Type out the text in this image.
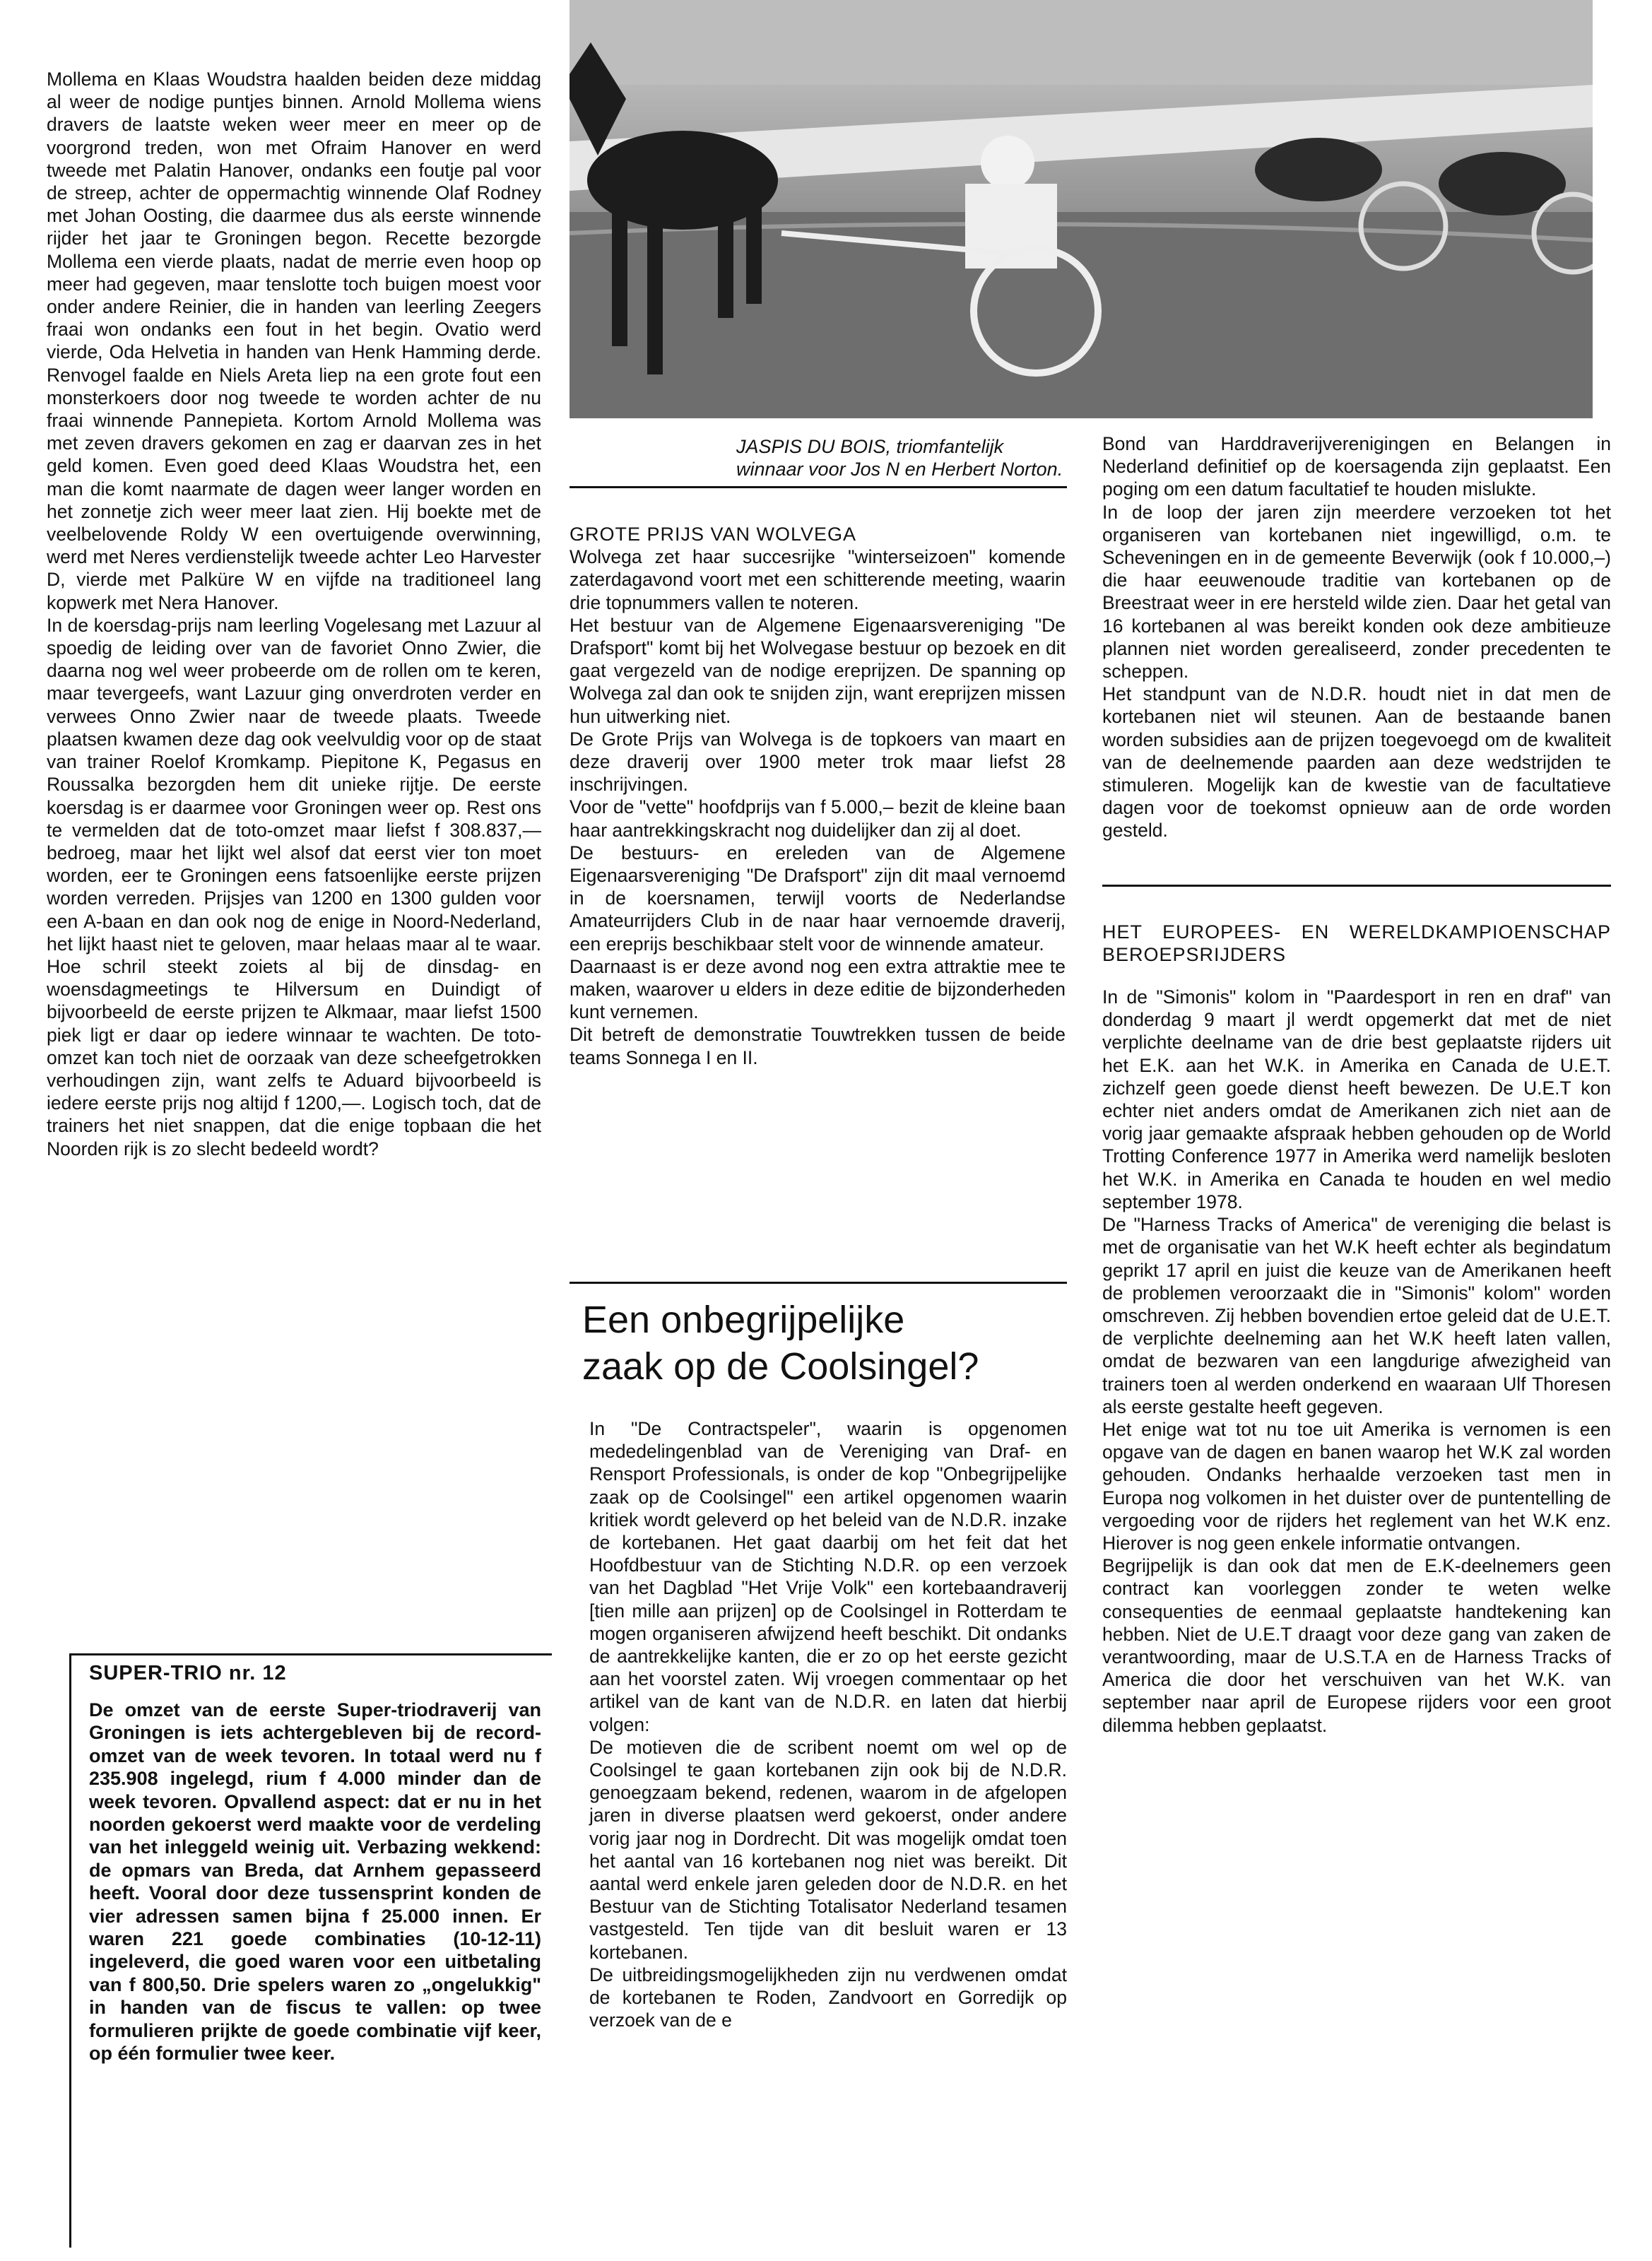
Mollema en Klaas Woudstra haalden beiden deze middag al weer de nodige puntjes binnen. Arnold Mollema wiens dravers de laatste weken weer meer en meer op de voorgrond treden, won met Ofraim Hanover en werd tweede met Palatin Hanover, ondanks een foutje pal voor de streep, achter de oppermachtig winnende Olaf Rodney met Johan Oosting, die daarmee dus als eerste winnende rijder het jaar te Groningen begon. Recette bezorgde Mollema een vierde plaats, nadat de merrie even hoop op meer had gegeven, maar tenslotte toch buigen moest voor onder andere Reinier, die in handen van leerling Zeegers fraai won ondanks een fout in het begin. Ovatio werd vierde, Oda Helvetia in handen van Henk Hamming derde. Renvogel faalde en Niels Areta liep na een grote fout een monsterkoers door nog tweede te worden achter de nu fraai winnende Pannepieta. Kortom Arnold Mollema was met zeven dravers gekomen en zag er daarvan zes in het geld komen. Even goed deed Klaas Woudstra het, een man die komt naarmate de dagen weer langer worden en het zonnetje zich weer meer laat zien. Hij boekte met de veelbelovende Roldy W een overtuigende overwinning, werd met Neres verdienstelijk tweede achter Leo Harvester D, vierde met Palküre W en vijfde na traditioneel lang kopwerk met Nera Hanover.

In de koersdag-prijs nam leerling Vogelesang met Lazuur al spoedig de leiding over van de favoriet Onno Zwier, die daarna nog wel weer probeerde om de rollen om te keren, maar tevergeefs, want Lazuur ging onverdroten verder en verwees Onno Zwier naar de tweede plaats. Tweede plaatsen kwamen deze dag ook veelvuldig voor op de staat van trainer Roelof Kromkamp. Piepitone K, Pegasus en Roussalka bezorgden hem dit unieke rijtje. De eerste koersdag is er daarmee voor Groningen weer op. Rest ons te vermelden dat de toto-omzet maar liefst f 308.837,— bedroeg, maar het lijkt wel alsof dat eerst vier ton moet worden, eer te Groningen eens fatsoenlijke eerste prijzen worden verreden. Prijsjes van 1200 en 1300 gulden voor een A-baan en dan ook nog de enige in Noord-Nederland, het lijkt haast niet te geloven, maar helaas maar al te waar. Hoe schril steekt zoiets al bij de dinsdag- en woensdagmeetings te Hilversum en Duindigt of bijvoorbeeld de eerste prijzen te Alkmaar, maar liefst 1500 piek ligt er daar op iedere winnaar te wachten. De toto-omzet kan toch niet de oorzaak van deze scheefgetrokken verhoudingen zijn, want zelfs te Aduard bijvoorbeeld is iedere eerste prijs nog altijd f 1200,—. Logisch toch, dat de trainers het niet snappen, dat die enige topbaan die het Noorden rijk is zo slecht bedeeld wordt?

SUPER-TRIO nr. 12
De omzet van de eerste Super-triodraverij van Groningen is iets achtergebleven bij de record-omzet van de week tevoren. In totaal werd nu f 235.908 ingelegd, rium f 4.000 minder dan de week tevoren. Opvallend aspect: dat er nu in het noorden gekoerst werd maakte voor de verdeling van het inleggeld weinig uit. Verbazing wekkend: de opmars van Breda, dat Arnhem gepasseerd heeft. Vooral door deze tussensprint konden de vier adressen samen bijna f 25.000 innen. Er waren 221 goede combinaties (10-12-11) ingeleverd, die goed waren voor een uitbetaling van f 800,50. Drie spelers waren zo „ongelukkig" in handen van de fiscus te vallen: op twee formulieren prijkte de goede combinatie vijf keer, op één formulier twee keer.
JASPIS DU BOIS, triomfantelijk winnaar voor Jos N en Herbert Norton.

GROTE PRIJS VAN WOLVEGA

Wolvega zet haar succesrijke "winterseizoen" komende zaterdagavond voort met een schitterende meeting, waarin drie topnummers vallen te noteren.

Het bestuur van de Algemene Eigenaarsvereniging "De Drafsport" komt bij het Wolvegase bestuur op bezoek en dit gaat vergezeld van de nodige ereprijzen. De spanning op Wolvega zal dan ook te snijden zijn, want ereprijzen missen hun uitwerking niet.

De Grote Prijs van Wolvega is de topkoers van maart en deze draverij over 1900 meter trok maar liefst 28 inschrijvingen.

Voor de "vette" hoofdprijs van f 5.000,– bezit de kleine baan haar aantrekkingskracht nog duidelijker dan zij al doet.

De bestuurs- en ereleden van de Algemene Eigenaarsvereniging "De Drafsport" zijn dit maal vernoemd in de koersnamen, terwijl voorts de Nederlandse Amateurrijders Club in de naar haar vernoemde draverij, een ereprijs beschikbaar stelt voor de winnende amateur.

Daarnaast is er deze avond nog een extra attraktie mee te maken, waarover u elders in deze editie de bijzonderheden kunt vernemen.

Dit betreft de demonstratie Touwtrekken tussen de beide teams Sonnega I en II.

Een onbegrijpelijke
zaak op de Coolsingel?

In "De Contractspeler", waarin is opgenomen mededelingenblad van de Vereniging van Draf- en Rensport Professionals, is onder de kop "Onbegrijpelijke zaak op de Coolsingel" een artikel opgenomen waarin kritiek wordt geleverd op het beleid van de N.D.R. inzake de kortebanen. Het gaat daarbij om het feit dat het Hoofdbestuur van de Stichting N.D.R. op een verzoek van het Dagblad "Het Vrije Volk" een kortebaandraverij [tien mille aan prijzen] op de Coolsingel in Rotterdam te mogen organiseren afwijzend heeft beschikt. Dit ondanks de aantrekkelijke kanten, die er zo op het eerste gezicht aan het voorstel zaten. Wij vroegen commentaar op het artikel van de kant van de N.D.R. en laten dat hierbij volgen:

De motieven die de scribent noemt om wel op de Coolsingel te gaan kortebanen zijn ook bij de N.D.R. genoegzaam bekend, redenen, waarom in de afgelopen jaren in diverse plaatsen werd gekoerst, onder andere vorig jaar nog in Dordrecht. Dit was mogelijk omdat toen het aantal van 16 kortebanen nog niet was bereikt. Dit aantal werd enkele jaren geleden door de N.D.R. en het Bestuur van de Stichting Totalisator Nederland tesamen vastgesteld. Ten tijde van dit besluit waren er 13 kortebanen.

De uitbreidingsmogelijkheden zijn nu verdwenen omdat de kortebanen te Roden, Zandvoort en Gorredijk op verzoek van de e

Bond van Harddraverijverenigingen en Belangen in Nederland definitief op de koersagenda zijn geplaatst. Een poging om een datum facultatief te houden mislukte.

In de loop der jaren zijn meerdere verzoeken tot het organiseren van kortebanen niet ingewilligd, o.m. te Scheveningen en in de gemeente Beverwijk (ook f 10.000,–) die haar eeuwenoude traditie van kortebanen op de Breestraat weer in ere hersteld wilde zien. Daar het getal van 16 kortebanen al was bereikt konden ook deze ambitieuze plannen niet worden gerealiseerd, zonder precedenten te scheppen.

Het standpunt van de N.D.R. houdt niet in dat men de kortebanen niet wil steunen. Aan de bestaande banen worden subsidies aan de prijzen toegevoegd om de kwaliteit van de deelnemende paarden aan deze wedstrijden te stimuleren. Mogelijk kan de kwestie van de facultatieve dagen voor de toekomst opnieuw aan de orde worden gesteld.

HET EUROPEES- EN WERELDKAMPIOENSCHAP BEROEPSRIJDERS

In de "Simonis" kolom in "Paardesport in ren en draf" van donderdag 9 maart jl werdt opgemerkt dat met de niet verplichte deelname van de drie best geplaatste rijders uit het E.K. aan het W.K. in Amerika en Canada de U.E.T. zichzelf geen goede dienst heeft bewezen. De U.E.T kon echter niet anders omdat de Amerikanen zich niet aan de vorig jaar gemaakte afspraak hebben gehouden op de World Trotting Conference 1977 in Amerika werd namelijk besloten het W.K. in Amerika en Canada te houden en wel medio september 1978.

De "Harness Tracks of America" de vereniging die belast is met de organisatie van het W.K heeft echter als begindatum geprikt 17 april en juist die keuze van de Amerikanen heeft de problemen veroorzaakt die in "Simonis" kolom" worden omschreven. Zij hebben bovendien ertoe geleid dat de U.E.T. de verplichte deelneming aan het W.K heeft laten vallen, omdat de bezwaren van een langdurige afwezigheid van trainers toen al werden onderkend en waaraan Ulf Thoresen als eerste gestalte heeft gegeven.

Het enige wat tot nu toe uit Amerika is vernomen is een opgave van de dagen en banen waarop het W.K zal worden gehouden. Ondanks herhaalde verzoeken tast men in Europa nog volkomen in het duister over de puntentelling de vergoeding voor de rijders het reglement van het W.K enz. Hierover is nog geen enkele informatie ontvangen.

Begrijpelijk is dan ook dat men de E.K-deelnemers geen contract kan voorleggen zonder te weten welke consequenties de eenmaal geplaatste handtekening kan hebben. Niet de U.E.T draagt voor deze gang van zaken de verantwoording, maar de U.S.T.A en de Harness Tracks of America die door het verschuiven van het W.K. van september naar april de Europese rijders voor een groot dilemma hebben geplaatst.
